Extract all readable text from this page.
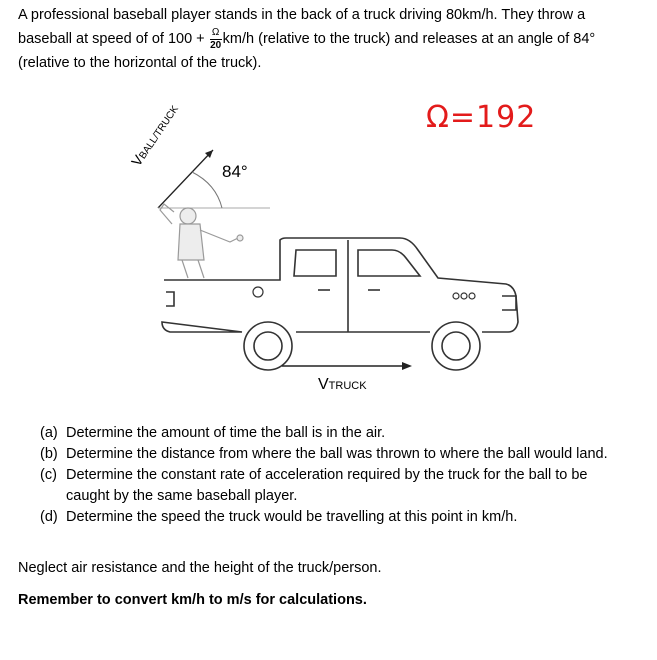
A professional baseball player stands in the back of a truck driving 80km/h. They throw a
baseball at speed of of $100 + \frac{\Omega}{20} km/h$ (relative to the truck) and releases at an angle of 84°
(relative to the horizontal of the truck).
Ω=192
84°
VBALL/TRUCK
VTRUCK
(a) Determine the amount of time the ball is in the air.
(b) Determine the distance from where the ball was thrown to where the ball would land.
(c) Determine the constant rate of acceleration required by the truck for the ball to be caught by the same baseball player.
(d) Determine the speed the truck would be travelling at this point in km/h.
Neglect air resistance and the height of the truck/person.
Remember to convert km/h to m/s for calculations.
